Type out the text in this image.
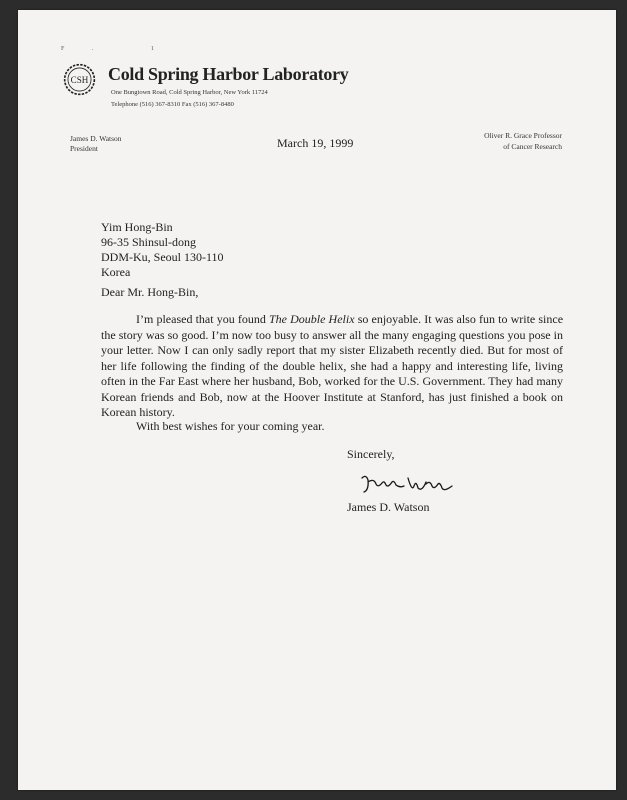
F. 1
CSH Cold Spring Harbor Laboratory
One Bungtown Road, Cold Spring Harbor, New York 11724
Telephone (516) 367-8310 Fax (516) 367-8480
James D. Watson
President	March 19, 1999
Oliver R. Grace Professor
of Cancer Research
Yim Hong-Bin
96-35 Shinsul-dong
DDM-Ku, Seoul 130-110
Korea
Dear Mr. Hong-Bin,
I’m pleased that you found The Double Helix so enjoyable. It was also fun to write since the story was so good. I’m now too busy to answer all the many engaging questions you pose in your letter. Now I can only sadly report that my sister Elizabeth recently died. But for most of her life following the finding of the double helix, she had a happy and interesting life, living often in the Far East where her husband, Bob, worked for the U.S. Government. They had many Korean friends and Bob, now at the Hoover Institute at Stanford, has just finished a book on Korean history.
With best wishes for your coming year.
Sincerely,
James D. Watson
